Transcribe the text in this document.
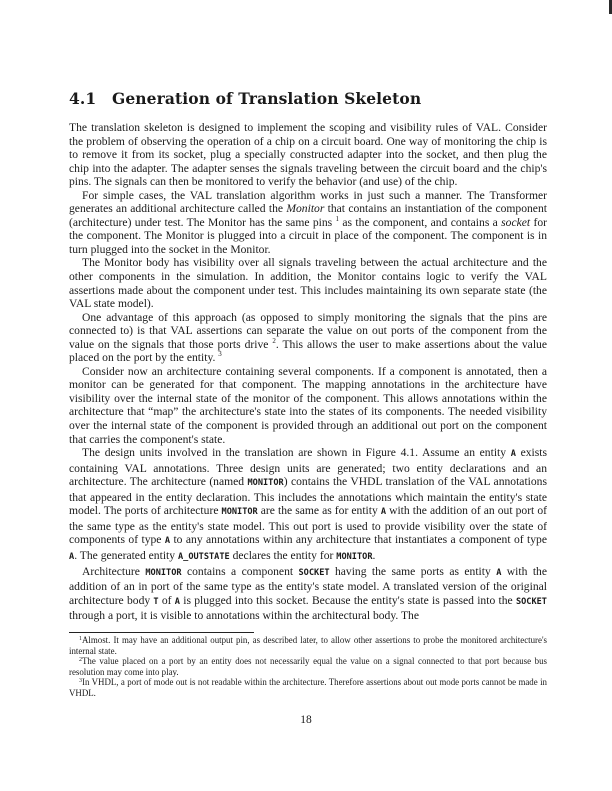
4.1 Generation of Translation Skeleton

The translation skeleton is designed to implement the scoping and visibility rules of VAL. Consider the problem of observing the operation of a chip on a circuit board. One way of monitoring the chip is to remove it from its socket, plug a specially constructed adapter into the socket, and then plug the chip into the adapter. The adapter senses the signals traveling between the circuit board and the chip's pins. The signals can then be monitored to verify the behavior (and use) of the chip.

For simple cases, the VAL translation algorithm works in just such a manner. The Transformer generates an additional architecture called the Monitor that contains an instantiation of the component (architecture) under test. The Monitor has the same pins $^1$ as the component, and contains a socket for the component. The Monitor is plugged into a circuit in place of the component. The component is in turn plugged into the socket in the Monitor.

The Monitor body has visibility over all signals traveling between the actual architecture and the other components in the simulation. In addition, the Monitor contains logic to verify the VAL assertions made about the component under test. This includes maintaining its own separate state (the VAL state model).

One advantage of this approach (as opposed to simply monitoring the signals that the pins are connected to) is that VAL assertions can separate the value on out ports of the component from the value on the signals that those ports drive $^2$. This allows the user to make assertions about the value placed on the port by the entity. $^3$

Consider now an architecture containing several components. If a component is annotated, then a monitor can be generated for that component. The mapping annotations in the architecture have visibility over the internal state of the monitor of the component. This allows annotations within the architecture that “map” the architecture's state into the states of its components. The needed visibility over the internal state of the component is provided through an additional out port on the component that carries the component's state.

The design units involved in the translation are shown in Figure 4.1. Assume an entity A exists containing VAL annotations. Three design units are generated; two entity declarations and an architecture. The architecture (named MONITOR) contains the VHDL translation of the VAL annotations that appeared in the entity declaration. This includes the annotations which maintain the entity's state model. The ports of architecture MONITOR are the same as for entity A with the addition of an out port of the same type as the entity's state model. This out port is used to provide visibility over the state of components of type A to any annotations within any architecture that instantiates a component of type A. The generated entity A_OUTSTATE declares the entity for MONITOR.

Architecture MONITOR contains a component SOCKET having the same ports as entity A with the addition of an in port of the same type as the entity's state model. A translated version of the original architecture body T of A is plugged into this socket. Because the entity's state is passed into the SOCKET through a port, it is visible to annotations within the architectural body. The

$^1$Almost. It may have an additional output pin, as described later, to allow other assertions to probe the monitored architecture's internal state.

$^2$The value placed on a port by an entity does not necessarily equal the value on a signal connected to that port because bus resolution may come into play.

$^3$In VHDL, a port of mode out is not readable within the architecture. Therefore assertions about out mode ports cannot be made in VHDL.

18
